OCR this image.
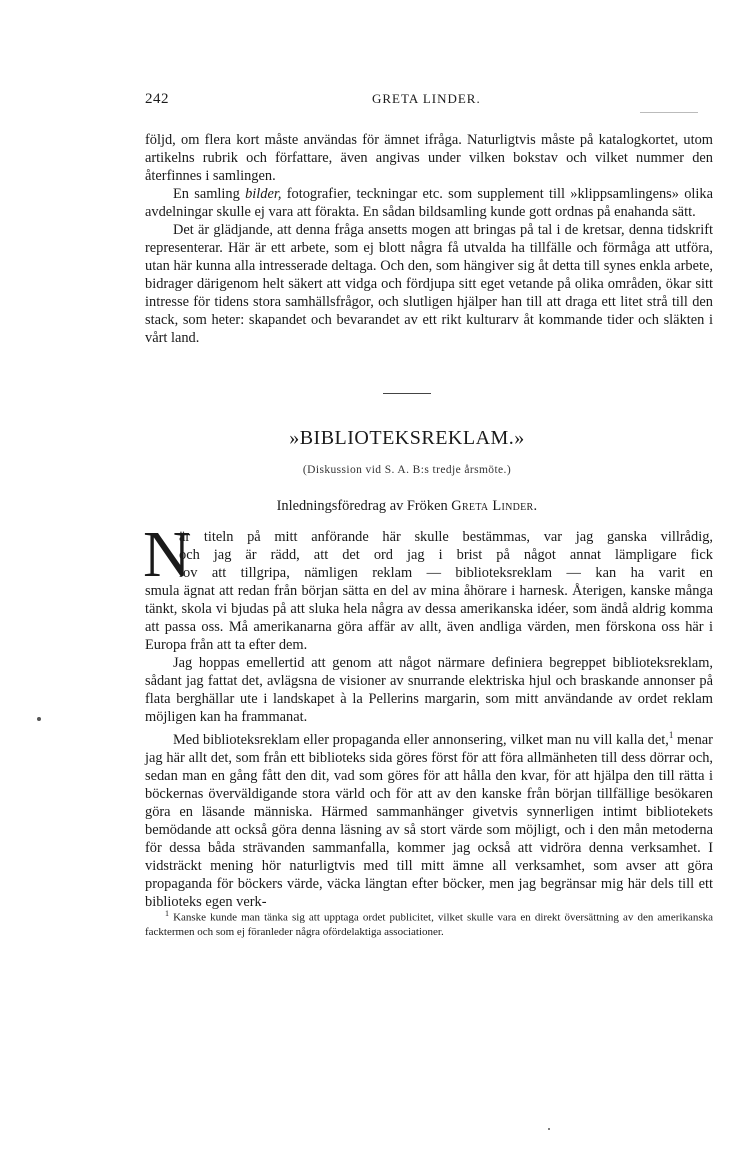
242	GRETA LINDER.

följd, om flera kort måste användas för ämnet ifråga. Naturligtvis måste på katalogkortet, utom artikelns rubrik och författare, även angivas under vilken bokstav och vilket nummer den återfinnes i samlingen.

En samling bilder, fotografier, teckningar etc. som supplement till »klippsamlingens» olika avdelningar skulle ej vara att förakta. En sådan bildsamling kunde gott ordnas på enahanda sätt.

Det är glädjande, att denna fråga ansetts mogen att bringas på tal i de kretsar, denna tidskrift representerar. Här är ett arbete, som ej blott några få utvalda ha tillfälle och förmåga att utföra, utan här kunna alla intresserade deltaga. Och den, som hängiver sig åt detta till synes enkla arbete, bidrager därigenom helt säkert att vidga och fördjupa sitt eget vetande på olika områden, ökar sitt intresse för tidens stora samhällsfrågor, och slutligen hjälper han till att draga ett litet strå till den stack, som heter: skapandet och bevarandet av ett rikt kulturarv åt kommande tider och släkten i vårt land.

»BIBLIOTEKSREKLAM.»
(Diskussion vid S. A. B:s tredje årsmöte.)
Inledningsföredrag av Fröken Greta Linder.
N

är titeln på mitt anförande här skulle bestämmas, var jag ganska villrådig,
och jag är rädd, att det ord jag i brist på något annat lämpligare fick
lov att tillgripa, nämligen reklam — biblioteksreklam — kan ha varit en
smula ägnat att redan från början sätta en del av mina åhörare i harnesk. Återigen, kanske många tänkt, skola vi bjudas på att sluka hela några av dessa amerikanska idéer, som ändå aldrig komma att passa oss. Må amerikanarna göra affär av allt, även andliga värden, men förskona oss här i Europa från att ta efter dem.

Jag hoppas emellertid att genom att något närmare definiera begreppet biblioteksreklam, sådant jag fattat det, avlägsna de visioner av snurrande elektriska hjul och braskande annonser på flata berghällar ute i landskapet à la Pellerins margarin, som mitt användande av ordet reklam möjligen kan ha frammanat.

Med biblioteksreklam eller propaganda eller annonsering, vilket man nu vill kalla det,$^1$ menar jag här allt det, som från ett biblioteks sida göres först för att föra allmänheten till dess dörrar och, sedan man en gång fått den dit, vad som göres för att hålla den kvar, för att hjälpa den till rätta i böckernas överväldigande stora värld och för att av den kanske från början tillfällige besökaren göra en läsande människa. Härmed sammanhänger givetvis synnerligen intimt bibliotekets bemödande att också göra denna läsning av så stort värde som möjligt, och i den mån metoderna för dessa båda strävanden sammanfalla, kommer jag också att vidröra denna verksamhet. I vidsträckt mening hör naturligtvis med till mitt ämne all verksamhet, som avser att göra propaganda för böckers värde, väcka längtan efter böcker, men jag begränsar mig här dels till ett biblioteks egen verk-

$^1$ Kanske kunde man tänka sig att upptaga ordet publicitet, vilket skulle vara en direkt översättning av den amerikanska facktermen och som ej föranleder några ofördelaktiga associationer.
